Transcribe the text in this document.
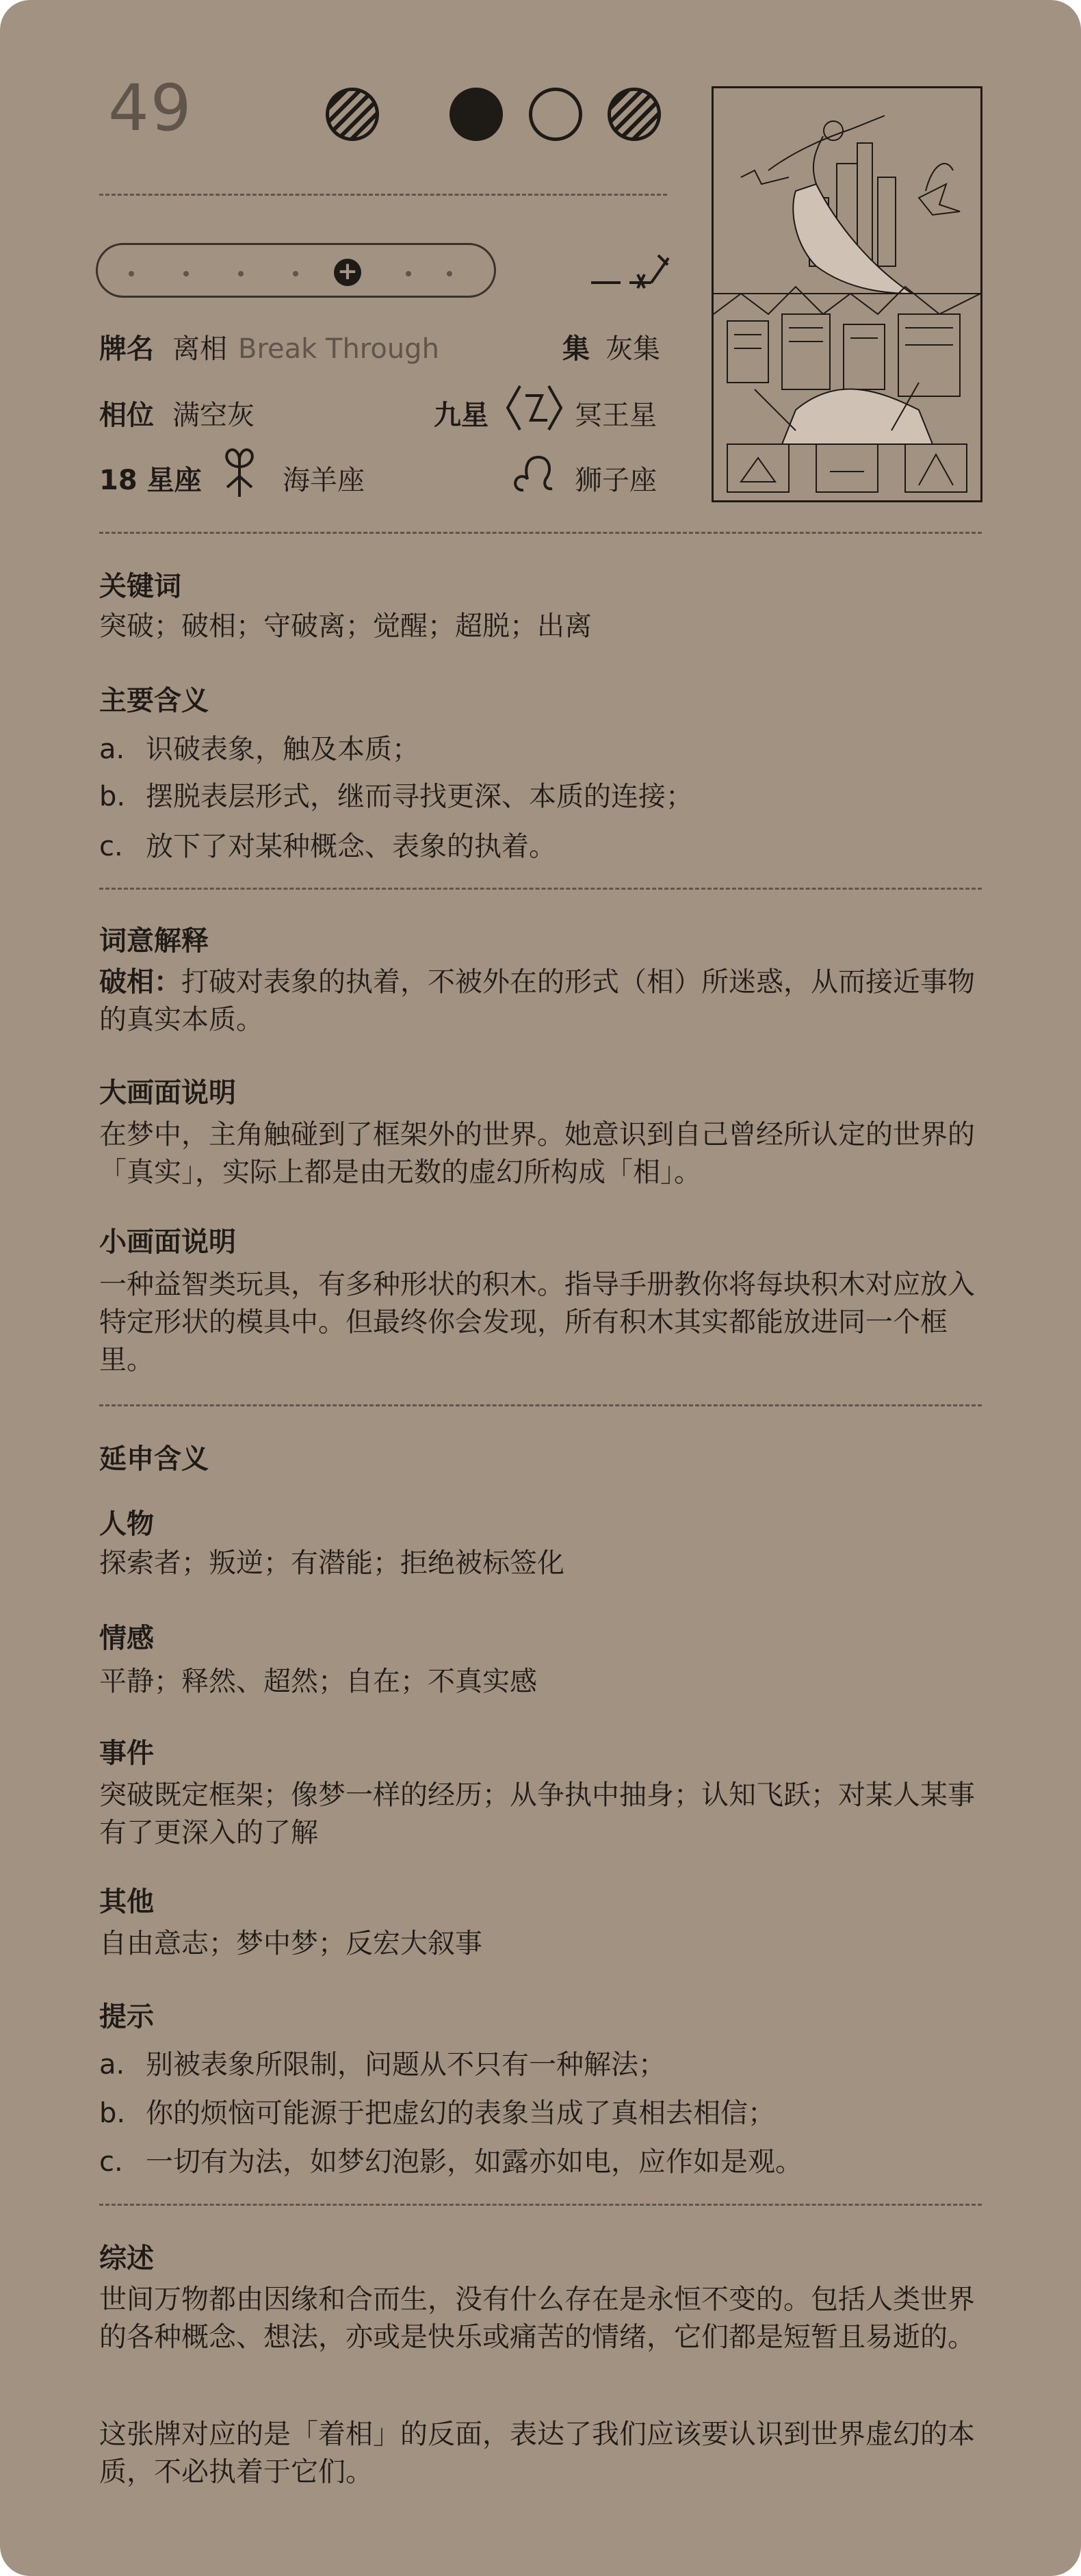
49
+
牌名 离相 Break Through	集 灰集
相位 满空灰	九星	冥王星
18 星座	海羊座	狮子座
关键词
突破；破相；守破离；觉醒；超脱；出离
主要含义
a. 识破表象，触及本质；
b. 摆脱表层形式，继而寻找更深、本质的连接；
c. 放下了对某种概念、表象的执着。
词意解释
破相：打破对表象的执着，不被外在的形式（相）所迷惑，从而接近事物的真实本质。
大画面说明
在梦中，主角触碰到了框架外的世界。她意识到自己曾经所认定的世界的「真实」，实际上都是由无数的虚幻所构成「相」。
小画面说明
一种益智类玩具，有多种形状的积木。指导手册教你将每块积木对应放入特定形状的模具中。但最终你会发现，所有积木其实都能放进同一个框里。
延申含义
人物
探索者；叛逆；有潜能；拒绝被标签化
情感
平静；释然、超然；自在；不真实感
事件
突破既定框架；像梦一样的经历；从争执中抽身；认知飞跃；对某人某事有了更深入的了解
其他
自由意志；梦中梦；反宏大叙事
提示
a. 别被表象所限制，问题从不只有一种解法；
b. 你的烦恼可能源于把虚幻的表象当成了真相去相信；
c. 一切有为法，如梦幻泡影，如露亦如电，应作如是观。
综述
世间万物都由因缘和合而生，没有什么存在是永恒不变的。包括人类世界的各种概念、想法，亦或是快乐或痛苦的情绪，它们都是短暂且易逝的。
这张牌对应的是「着相」的反面，表达了我们应该要认识到世界虚幻的本质，不必执着于它们。
